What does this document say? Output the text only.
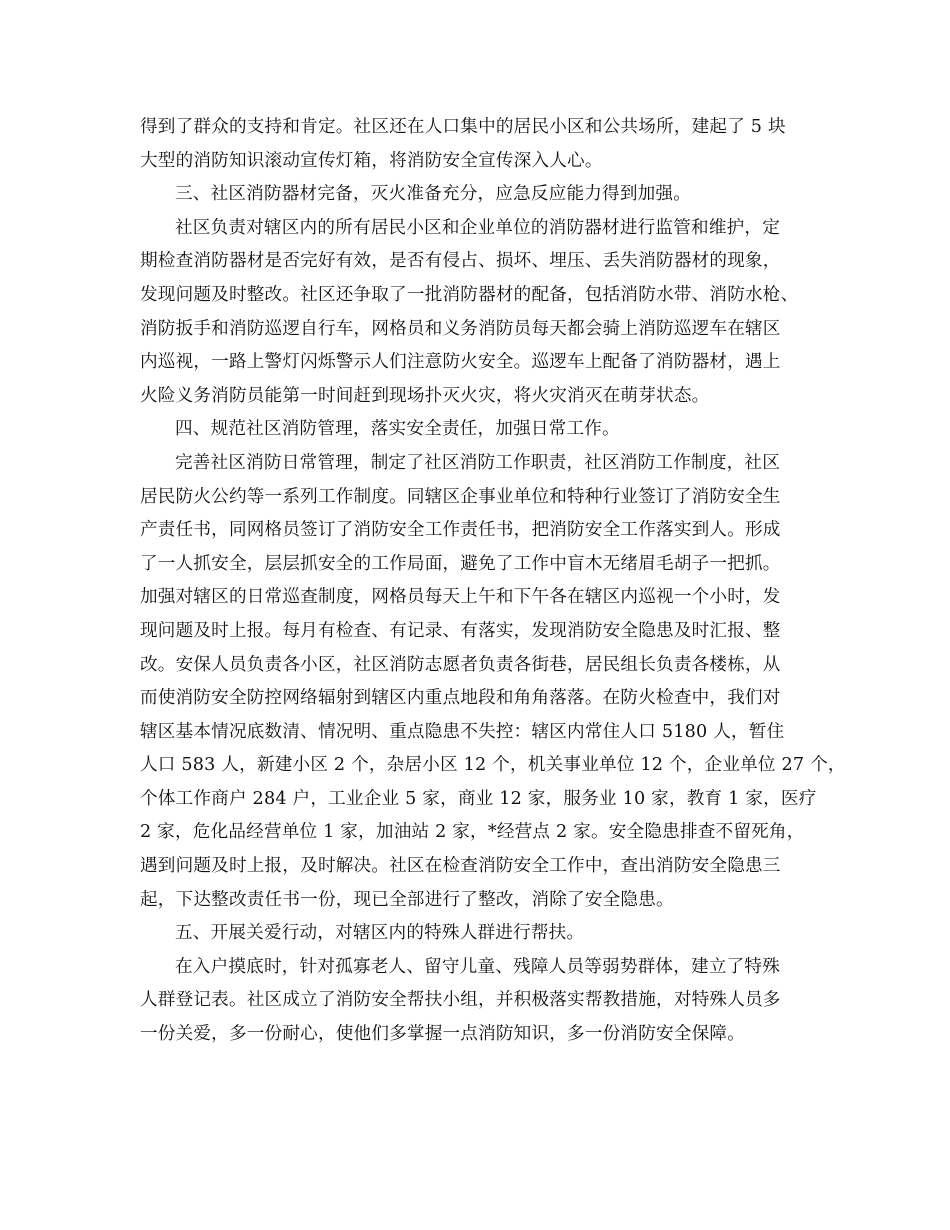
得到了群众的支持和肯定。社区还在人口集中的居民小区和公共场所，建起了 5 块
大型的消防知识滚动宣传灯箱，将消防安全宣传深入人心。
三、社区消防器材完备，灭火准备充分，应急反应能力得到加强。
社区负责对辖区内的所有居民小区和企业单位的消防器材进行监管和维护，定
期检查消防器材是否完好有效，是否有侵占、损坏、埋压、丢失消防器材的现象，
发现问题及时整改。社区还争取了一批消防器材的配备，包括消防水带、消防水枪、
消防扳手和消防巡逻自行车，网格员和义务消防员每天都会骑上消防巡逻车在辖区
内巡视，一路上警灯闪烁警示人们注意防火安全。巡逻车上配备了消防器材，遇上
火险义务消防员能第一时间赶到现场扑灭火灾，将火灾消灭在萌芽状态。
四、规范社区消防管理，落实安全责任，加强日常工作。
完善社区消防日常管理，制定了社区消防工作职责，社区消防工作制度，社区
居民防火公约等一系列工作制度。同辖区企事业单位和特种行业签订了消防安全生
产责任书，同网格员签订了消防安全工作责任书，把消防安全工作落实到人。形成
了一人抓安全，层层抓安全的工作局面，避免了工作中盲木无绪眉毛胡子一把抓。
加强对辖区的日常巡查制度，网格员每天上午和下午各在辖区内巡视一个小时，发
现问题及时上报。每月有检查、有记录、有落实，发现消防安全隐患及时汇报、整
改。安保人员负责各小区，社区消防志愿者负责各街巷，居民组长负责各楼栋，从
而使消防安全防控网络辐射到辖区内重点地段和角角落落。在防火检查中，我们对
辖区基本情况底数清、情况明、重点隐患不失控：辖区内常住人口 5180 人，暂住
人口 583 人，新建小区 2 个，杂居小区 12 个，机关事业单位 12 个，企业单位 27 个，
个体工作商户 284 户，工业企业 5 家，商业 12 家，服务业 10 家，教育 1 家，医疗
2 家，危化品经营单位 1 家，加油站 2 家，*经营点 2 家。安全隐患排查不留死角，
遇到问题及时上报，及时解决。社区在检查消防安全工作中，查出消防安全隐患三
起，下达整改责任书一份，现已全部进行了整改，消除了安全隐患。
五、开展关爱行动，对辖区内的特殊人群进行帮扶。
在入户摸底时，针对孤寡老人、留守儿童、残障人员等弱势群体，建立了特殊
人群登记表。社区成立了消防安全帮扶小组，并积极落实帮教措施，对特殊人员多
一份关爱，多一份耐心，使他们多掌握一点消防知识，多一份消防安全保障。
